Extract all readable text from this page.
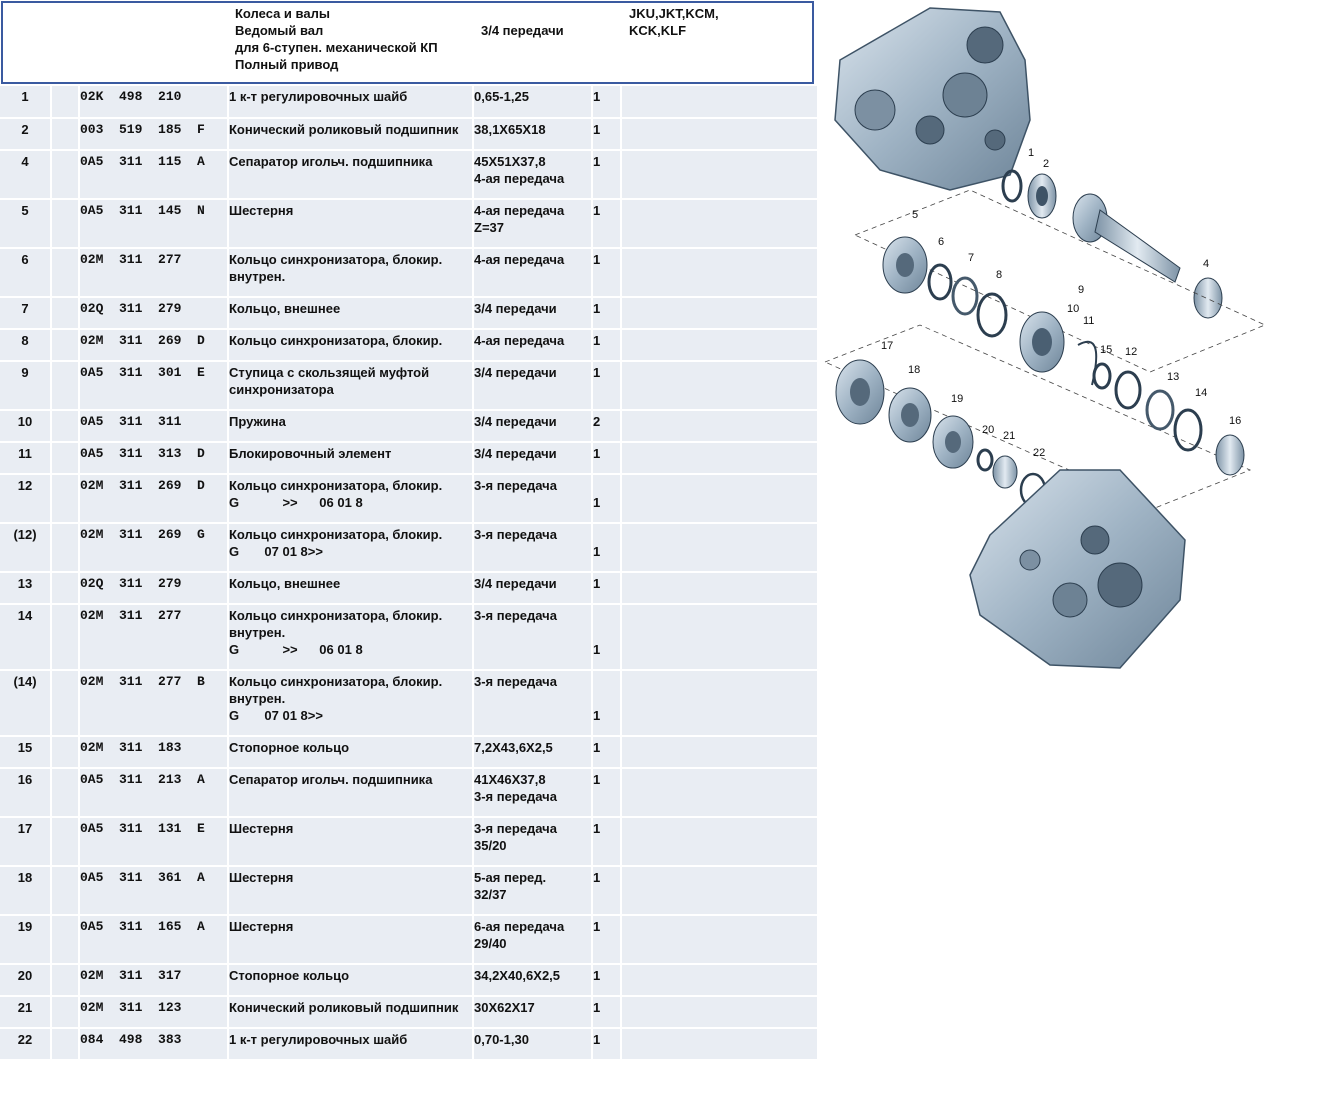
Колеса и валы
Ведомый вал
для 6-ступен. механической КП
Полный привод
3/4 передачи
JKU,JKT,KCM, KCK,KLF
1		02K  498  210	1 к-т регулировочных шайб	0,65-1,25	1	

2		003  519  185  F	Конический роликовый подшипник	38,1X65X18	1	

4		0A5  311  115  A	Сепаратор игольч. подшипника	45X51X37,8
4-ая передача	1	

5		0A5  311  145  N	Шестерня	4-ая передача
Z=37	1	

6		02M  311  277	Кольцо синхронизатора, блокир.
внутрен.	4-ая передача	1	

7		02Q  311  279	Кольцо, внешнее	3/4 передачи	1	

8		02M  311  269  D	Кольцо синхронизатора, блокир.	4-ая передача	1	

9		0A5  311  301  E	Ступица с скользящей муфтой
синхронизатора	3/4 передачи	1	

10		0A5  311  311	Пружина	3/4 передачи	2	

11		0A5  311  313  D	Блокировочный элемент	3/4 передачи	1	

12		02M  311  269  D	Кольцо синхронизатора, блокир.
G            >>      06 01 8	3-я передача	1	

(12)		02M  311  269  G	Кольцо синхронизатора, блокир.
G       07 01 8>>	3-я передача	1	

13		02Q  311  279	Кольцо, внешнее	3/4 передачи	1	

14		02M  311  277	Кольцо синхронизатора, блокир.
внутрен.
G            >>      06 01 8	3-я передача	1	

(14)		02M  311  277  B	Кольцо синхронизатора, блокир.
внутрен.
G       07 01 8>>	3-я передача	1	

15		02M  311  183	Стопорное кольцо	7,2X43,6X2,5	1	

16		0A5  311  213  A	Сепаратор игольч. подшипника	41X46X37,8
3-я передача	1	

17		0A5  311  131  E	Шестерня	3-я передача
35/20	1	

18		0A5  311  361  A	Шестерня	5-ая перед.
32/37	1	

19		0A5  311  165  A	Шестерня	6-ая передача
29/40	1	

20		02M  311  317	Стопорное кольцо	34,2X40,6X2,5	1	

21		02M  311  123	Конический роликовый подшипник	30X62X17	1	

22		084  498  383	1 к-т регулировочных шайб	0,70-1,30	1	

1
2
4
5
6
7
8
9
10
11
15 12
13
14
16
17
18
19
20 21
22
